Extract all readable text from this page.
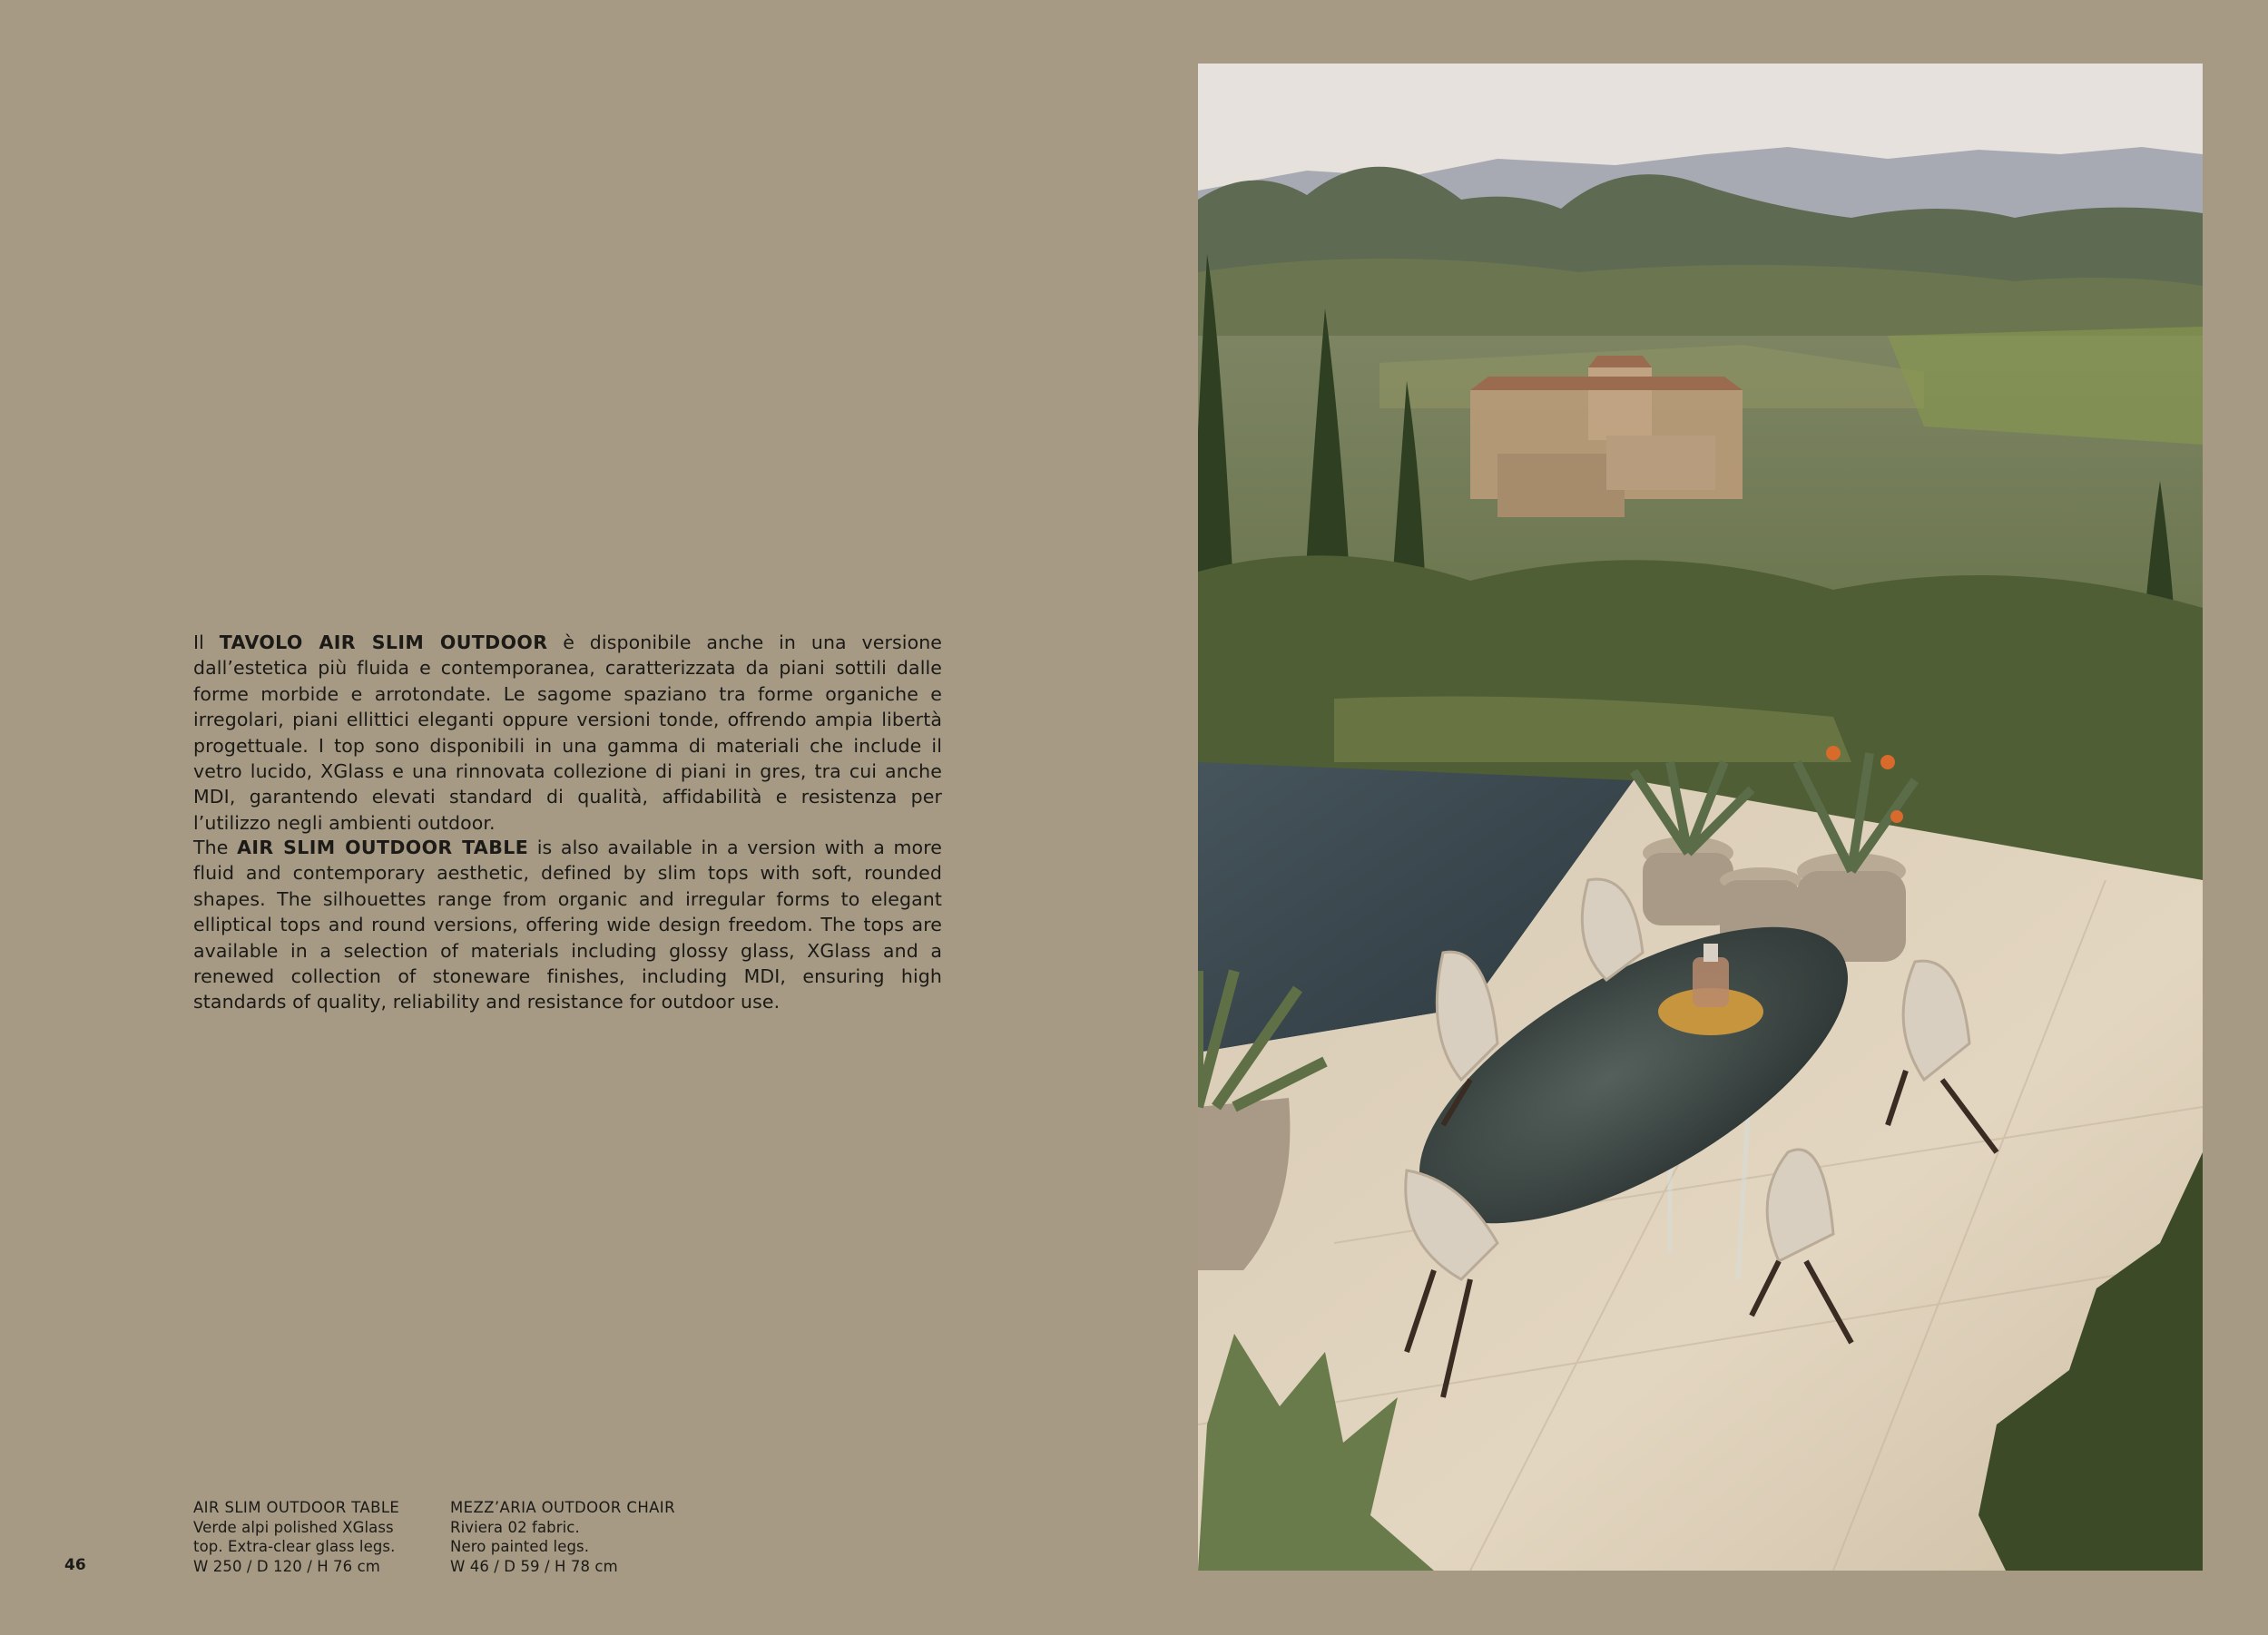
Il TAVOLO AIR SLIM OUTDOOR è disponibile anche in una versione dall’estetica più fluida e contemporanea, caratterizzata da piani sottili dalle forme morbide e arrotondate. Le sagome spaziano tra forme organiche e irregolari, piani ellittici eleganti oppure versioni tonde, offrendo ampia libertà progettuale. I top sono disponibili in una gamma di materiali che include il vetro lucido, XGlass e una rinnovata collezione di piani in gres, tra cui anche MDI, garantendo elevati standard di qualità, affidabilità e resistenza per l’utilizzo negli ambienti outdoor.

The AIR SLIM OUTDOOR TABLE is also available in a version with a more fluid and contemporary aesthetic, defined by slim tops with soft, rounded shapes. The silhouettes range from organic and irregular forms to elegant elliptical tops and round versions, offering wide design freedom. The tops are available in a selection of materials including glossy glass, XGlass and a renewed collection of stoneware finishes, including MDI, ensuring high standards of quality, reliability and resistance for outdoor use.

AIR SLIM OUTDOOR TABLE
Verde alpi polished XGlass
top. Extra-clear glass legs.
W 250 / D 120 / H 76 cm
MEZZ’ARIA OUTDOOR CHAIR
Riviera 02 fabric.
Nero painted legs.
W 46 / D 59 / H 78 cm
46
